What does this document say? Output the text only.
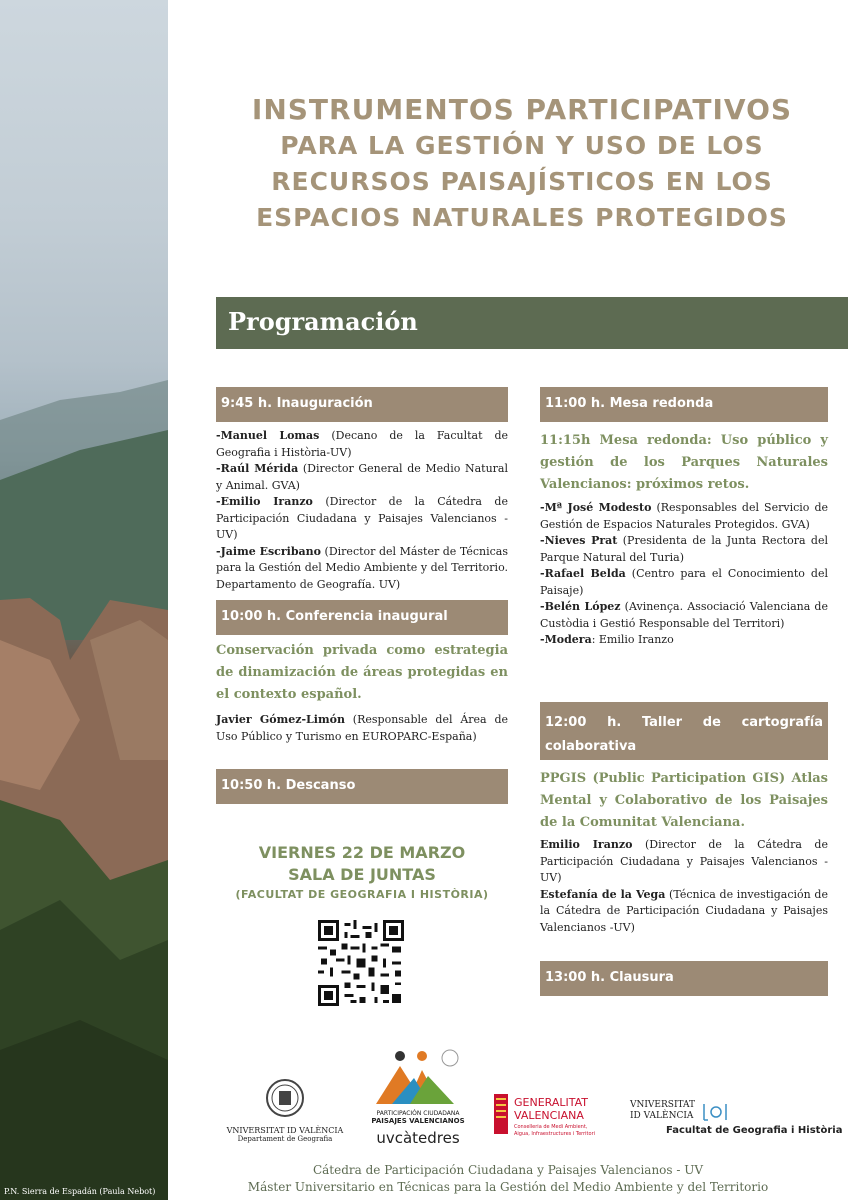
P.N. Sierra de Espadán (Paula Nebot)
INSTRUMENTOS PARTICIPATIVOS
PARA LA GESTIÓN Y USO DE LOS
RECURSOS PAISAJÍSTICOS EN LOS
ESPACIOS NATURALES PROTEGIDOS
Programación
9:45 h. Inauguración
-Manuel Lomas (Decano de la Facultat de Geografia i Història-UV)
-Raúl Mérida (Director General de Medio Natural y Animal. GVA)
-Emilio Iranzo (Director de la Cátedra de Participación Ciudadana y Paisajes Valencianos - UV)
-Jaime Escribano (Director del Máster de Técnicas para la Gestión del Medio Ambiente y del Territorio. Departamento de Geografía. UV)
10:00 h. Conferencia inaugural
Conservación privada como estrategia de dinamización de áreas protegidas en el contexto español.
Javier Gómez-Limón (Responsable del Área de Uso Público y Turismo en EUROPARC-España)
10:50 h. Descanso
VIERNES 22 DE MARZO
SALA DE JUNTAS
(FACULTAT DE GEOGRAFIA I HISTÒRIA)
11:00 h. Mesa redonda
11:15h Mesa redonda: Uso público y gestión de los Parques Naturales Valencianos: próximos retos.
-Mª José Modesto (Responsables del Servicio de Gestión de Espacios Naturales Protegidos. GVA)
-Nieves Prat (Presidenta de la Junta Rectora del Parque Natural del Turia)
-Rafael Belda (Centro para el Conocimiento del Paisaje)
-Belén López (Avinença. Associació Valenciana de Custòdia i Gestió Responsable del Territori)
-Modera: Emilio Iranzo
12:00 h. Taller de cartografía colaborativa
PPGIS (Public Participation GIS) Atlas Mental y Colaborativo de los Paisajes de la Comunitat Valenciana.
Emilio Iranzo (Director de la Cátedra de Participación Ciudadana y Paisajes Valencianos - UV)
Estefanía de la Vega (Técnica de investigación de la Cátedra de Participación Ciudadana y Paisajes Valencianos -UV)
13:00 h. Clausura
VNIVERSITAT ID VALÈNCIA
Departament de Geografia
PARTICIPACIÓN CIUDADANA
PAISAJES VALENCIANOS
uvcàtedres
GENERALITAT
VALENCIANA
Conselleria de Medi Ambient, Aigua, Infraestructures i Territori
VNIVERSITAT
ID VALÈNCIA
Facultat de Geografia i Història
Cátedra de Participación Ciudadana y Paisajes Valencianos - UV
Máster Universitario en Técnicas para la Gestión del Medio Ambiente y del Territorio
